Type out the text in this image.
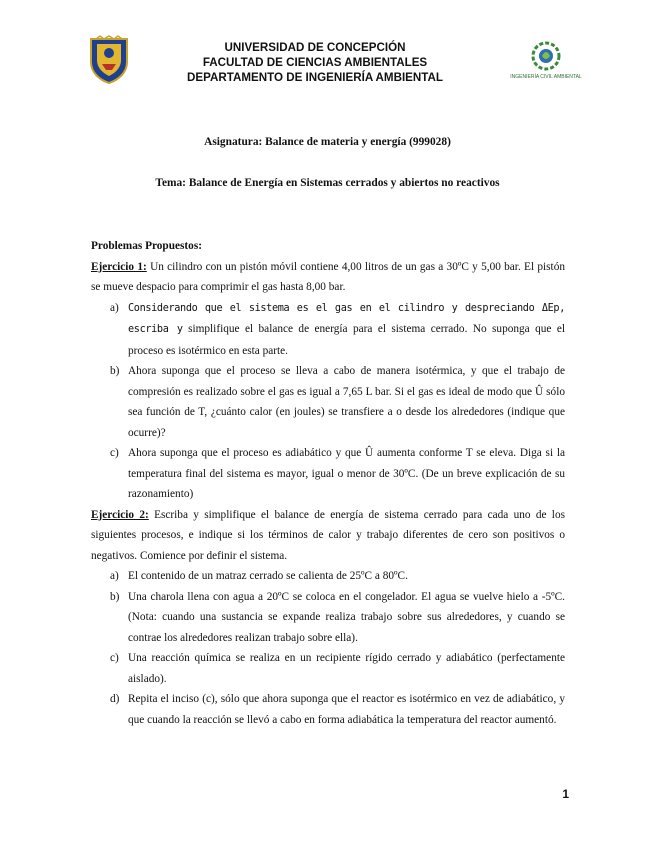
INGENIERÍA CIVIL AMBIENTAL
UNIVERSIDAD DE CONCEPCIÓN
FACULTAD DE CIENCIAS AMBIENTALES
DEPARTAMENTO DE INGENIERÍA AMBIENTAL
Asignatura: Balance de materia y energía (999028)
Tema: Balance de Energía en Sistemas cerrados y abiertos no reactivos

Problemas Propuestos:

Ejercicio 1: Un cilindro con un pistón móvil contiene 4,00 litros de un gas a 30ºC y 5,00 bar. El pistón se mueve despacio para comprimir el gas hasta 8,00 bar.

a) Considerando que el sistema es el gas en el cilindro y despreciando ΔEp, escriba y simplifique el balance de energía para el sistema cerrado. No suponga que el proceso es isotérmico en esta parte.
b) Ahora suponga que el proceso se lleva a cabo de manera isotérmica, y que el trabajo de compresión es realizado sobre el gas es igual a 7,65 L bar. Si el gas es ideal de modo que Û sólo sea función de T, ¿cuánto calor (en joules) se transfiere a o desde los alrededores (indique que ocurre)?
c) Ahora suponga que el proceso es adiabático y que Û aumenta conforme T se eleva. Diga si la temperatura final del sistema es mayor, igual o menor de 30ºC. (De un breve explicación de su razonamiento)

Ejercicio 2: Escriba y simplifique el balance de energía de sistema cerrado para cada uno de los siguientes procesos, e indique si los términos de calor y trabajo diferentes de cero son positivos o negativos. Comience por definir el sistema.

a) El contenido de un matraz cerrado se calienta de 25ºC a 80ºC.
b) Una charola llena con agua a 20ºC se coloca en el congelador. El agua se vuelve hielo a -5ºC. (Nota: cuando una sustancia se expande realiza trabajo sobre sus alrededores, y cuando se contrae los alrededores realizan trabajo sobre ella).
c) Una reacción química se realiza en un recipiente rígido cerrado y adiabático (perfectamente aislado).
d) Repita el inciso (c), sólo que ahora suponga que el reactor es isotérmico en vez de adiabático, y que cuando la reacción se llevó a cabo en forma adiabática la temperatura del reactor aumentó.
1
